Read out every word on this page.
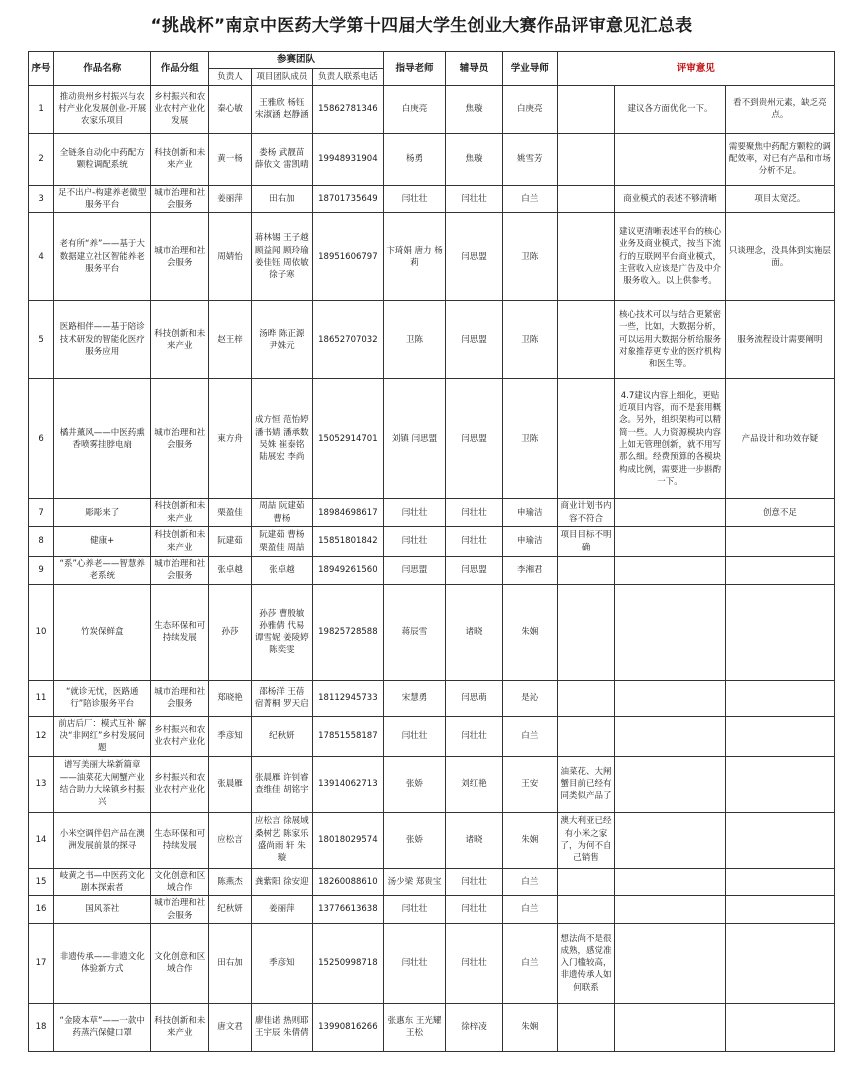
“挑战杯”南京中医药大学第十四届大学生创业大赛作品评审意见汇总表
序号	作品名称	作品分组	参赛团队			指导老师	辅导员	学业导师	评审意见		
			负责人	项目团队成员	负责人联系电话						
1	推动贵州乡村振兴与农村产业化发展创业-开展农家乐项目	乡村振兴和农业农村产业化发展	秦心敏	王雅欣 杨钰 宋淑涵 赵静涵	15862781346	白庚亮	焦璇	白庚亮		建议各方面优化一下。	看不到贵州元素，缺乏亮点。
2	全链条自动化中药配方颗粒调配系统	科技创新和未来产业	黄一杨	娄杨 武靓苗 薛依文 雷凯晴	19948931904	杨勇	焦璇	姚雪芳			需要聚焦中药配方颗粒的调配效率，对已有产品和市场分析不足。
3	足不出户-构建养老微型服务平台	城市治理和社会服务	姜丽萍	田右加	18701735649	闫壮壮	闫壮壮	白兰		商业模式的表述不够清晰	项目太宽泛。
4	老有所“养”——基于大数据建立社区智能养老服务平台	城市治理和社会服务	周婧怡	蒋林锡 王子越 顾益闻 顾玲瑜 姜佳钰 周依敏 徐子寒	18951606797	卞琦娟 唐力 杨莉	闫思盟	卫陈		建议更清晰表述平台的核心业务及商业模式，按当下流行的互联网平台商业模式，主营收入应该是广告及中介服务收入。以上供参考。	只谈理念，没具体到实施层面。
5	医路相伴——基于陪诊技术研发的智能化医疗服务应用	科技创新和未来产业	赵王梓	汤晔 陈正源 尹姝元	18652707032	卫陈	闫思盟	卫陈		核心技术可以与结合更紧密一些，比如，大数据分析，可以运用大数据分析给服务对象推荐更专业的医疗机构和医生等。	服务流程设计需要阐明
6	橘井薰风——中医药熏香喷雾挂脖电扇	城市治理和社会服务	東方舟	成方恒 范怡婷 潘书婧 潘承数 吴姝 崔泰铭 陆展宏 李尚	15052914701	刘镇 闫思盟	闫思盟	卫陈		4.7建议内容上细化，更贴近项目内容，而不是套用概念。另外，组织架构可以精简一些。人力资源模块内容上如无管理创新，就不用写那么细。经费预算的各模块构成比例，需要进一步斟酌一下。	产品设计和功效存疑
7	彫彫来了	科技创新和未来产业	栗盈佳	周喆 阮建茹 曹杨	18984698617	闫壮壮	闫壮壮	申瑜洁	商业计划书内容不符合		创意不足
8	健康+	科技创新和未来产业	阮建茹	阮建茹 曹杨 栗盈佳 周喆	15851801842	闫壮壮	闫壮壮	申瑜洁	项目目标不明确		
9	“系”心养老——智慧养老系统	城市治理和社会服务	张卓越	张卓越	18949261560	闫思盟	闫思盟	李湘君			
10	竹炭保鲜盒	生态环保和可持续发展	孙莎	孙莎 曹殷敏 孙雅倩 代易 谭雪妮 姜陵婷 陈奕雯	19825728588	蒋辰雪	诸晓	朱娴			
11	“就诊无忧，医路通行”陪诊服务平台	城市治理和社会服务	郑晓艳	邵杨洋 王蓓 宿菁桐 罗天启	18112945733	宋慧勇	闫思萌	是沁			
12	前店后厂：模式互补 解决“非网红”乡村发展问题	乡村振兴和农业农村产业化	季彦知	纪秋妍	17851558187	闫壮壮	闫壮壮	白兰			
13	谱写美丽大垛新篇章——油菜花大闸蟹产业结合助力大垛镇乡村振兴	乡村振兴和农业农村产业化	张晨雁	张晨雁 许钊睿 查维佳 胡铭宇	13914062713	张娇	刘红艳	王安	油菜花、大闸蟹目前已经有同类似产品了		
14	小米空调伴侣产品在澳洲发展前景的探寻	生态环保和可持续发展	应松言	应松言 徐展域 桑树艺 陈家乐 盛尚雨 轩 朱璇	18018029574	张娇	诸晓	朱娴	澳大利亚已经有小米之家了，为何不自己销售		
15	岐黄之书—中医药文化剧本探索者	文化创意和区域合作	陈燕杰	龚紫阳 徐安迎	18260088610	汤少梁 郑贵宝	闫壮壮	白兰			
16	国风茶社	城市治理和社会服务	纪秋妍	姜丽萍	13776613638	闫壮壮	闫壮壮	白兰			
17	非遗传承——非遗文化体验新方式	文化创意和区域合作	田右加	季彦知	15250998718	闫壮壮	闫壮壮	白兰	想法尚不是很成熟，感觉准入门槛较高，非遗传承人如何联系		
18	“金陵本草”——一款中药蒸汽保健口罩	科技创新和未来产业	唐文君	廖佳诺 热则耶 王宇辰 朱倩倩	13990816266	张惠东 王光耀 王松	徐梓凌	朱娴			
